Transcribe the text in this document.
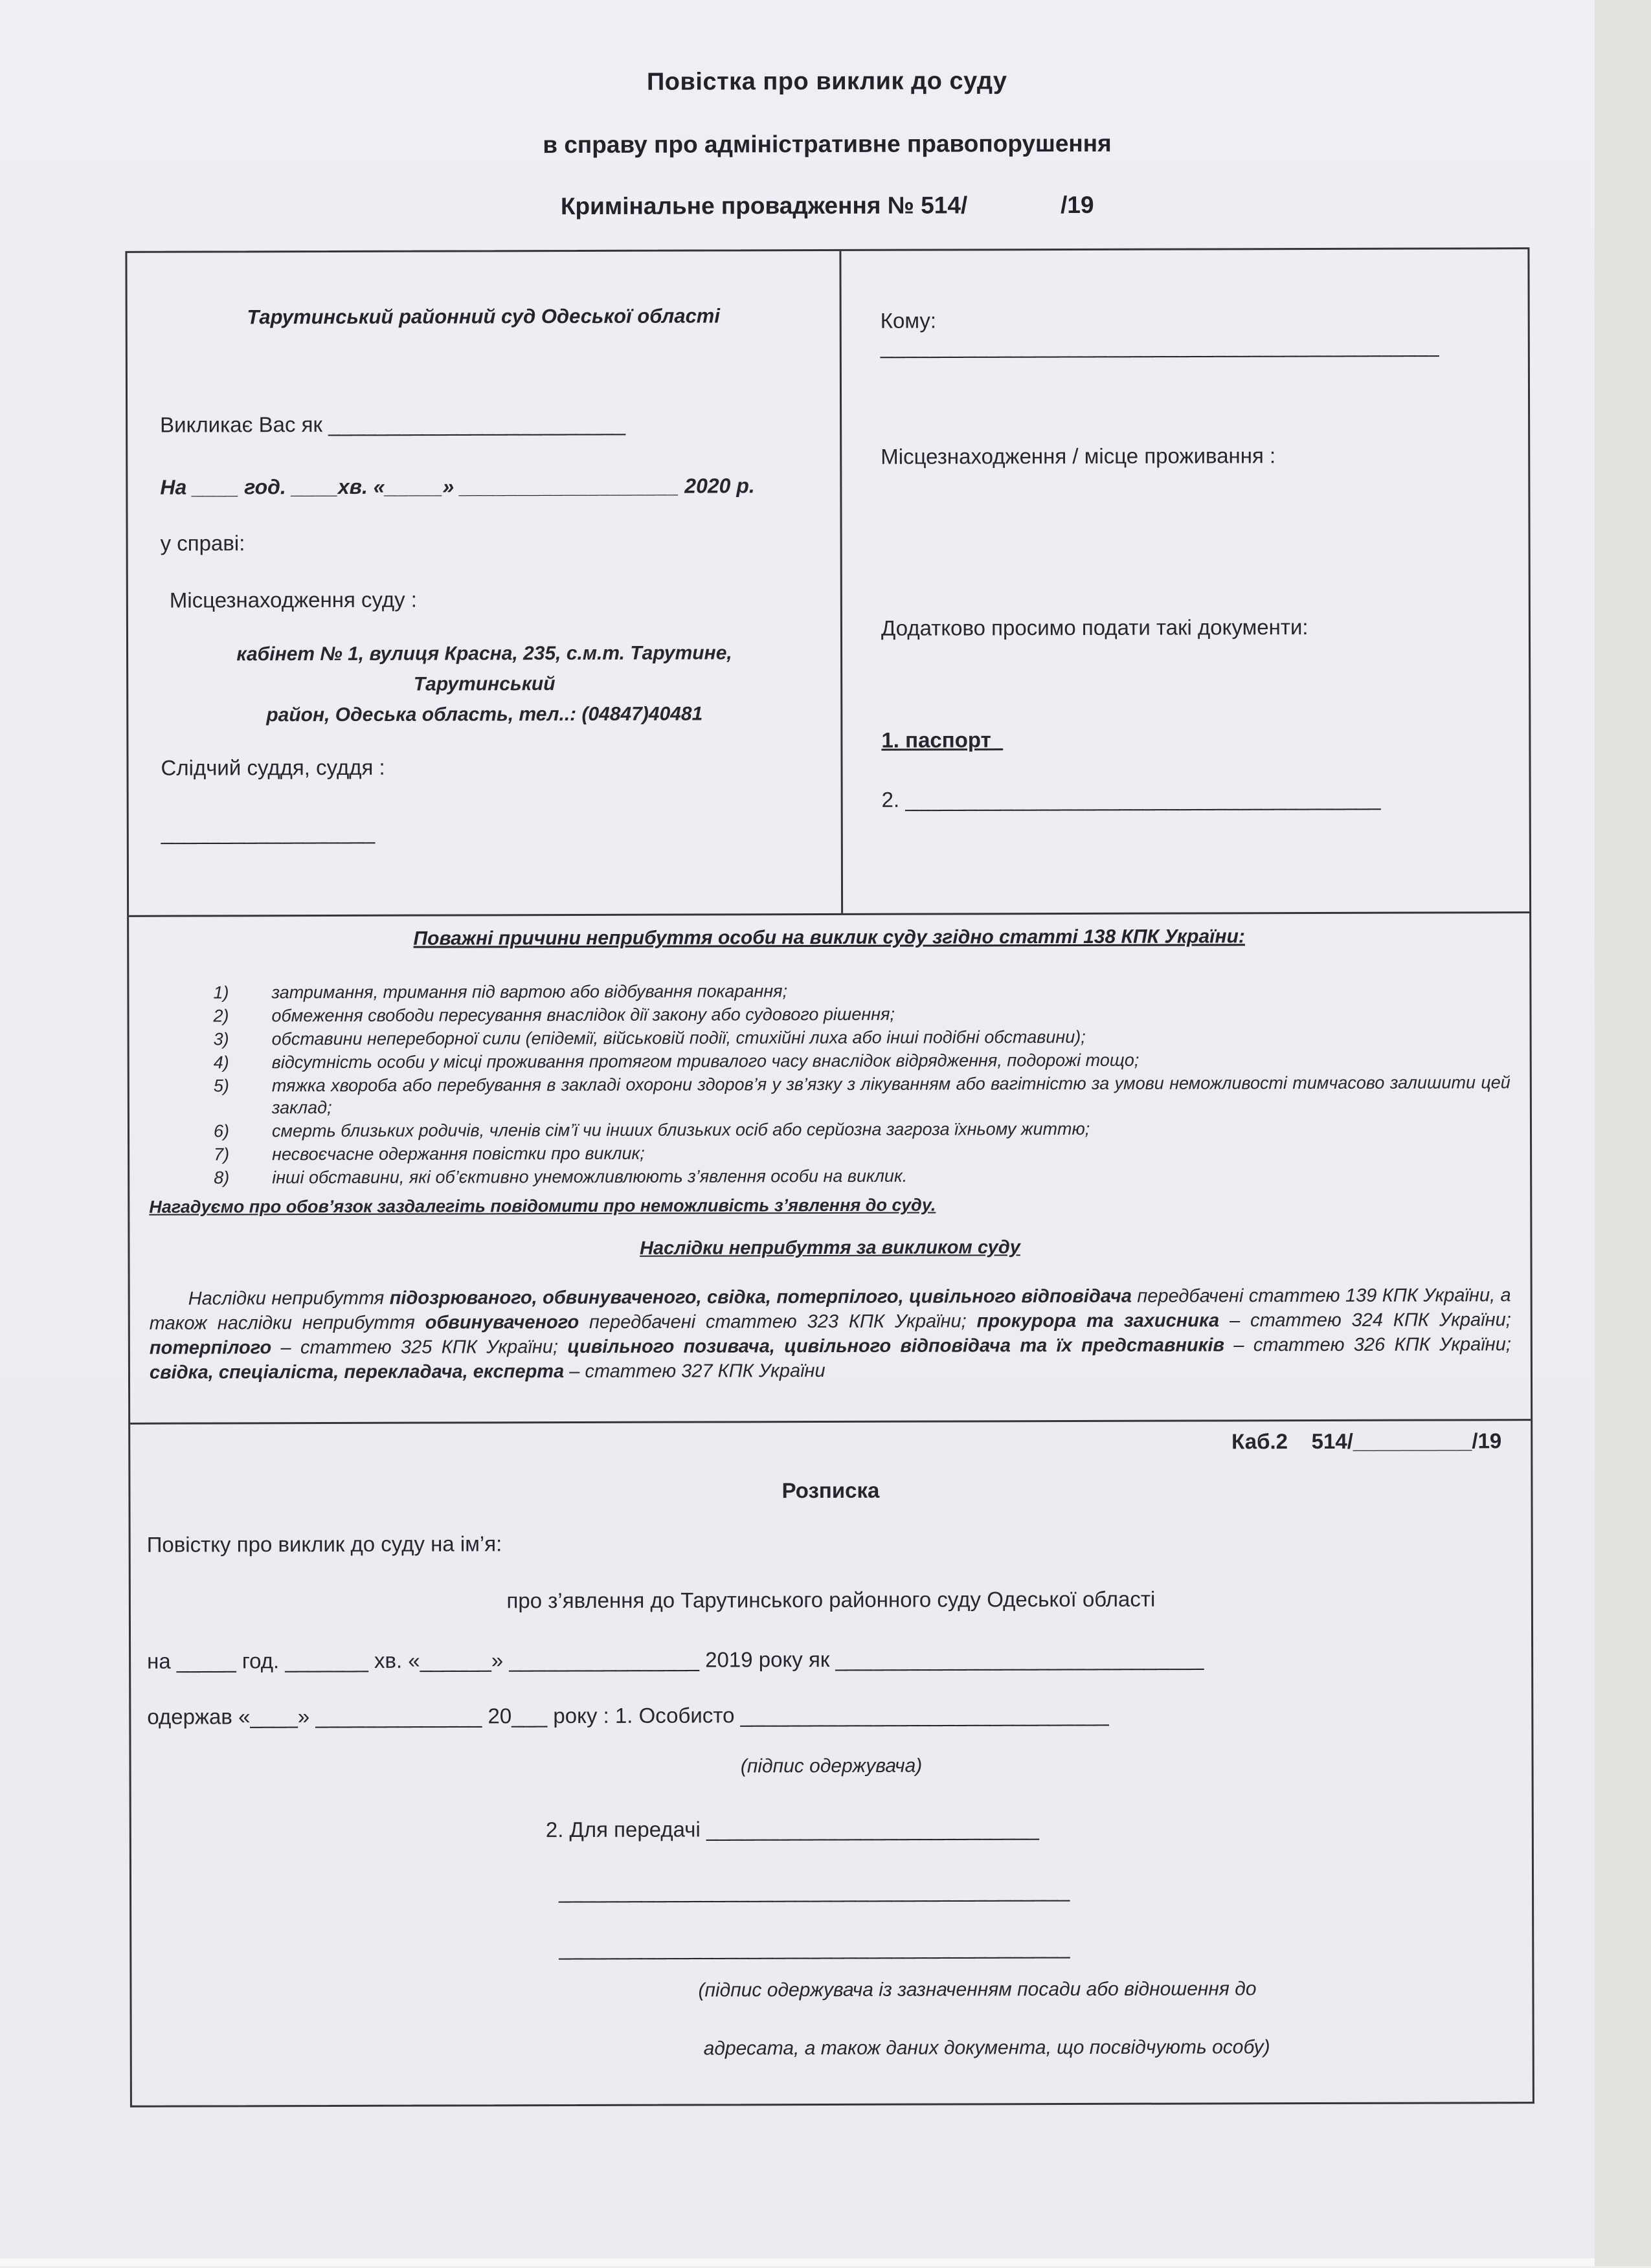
Повістка про виклик до суду
в справу про адміністративне правопорушення
Кримінальне провадження № 514/              /19
Тарутинський районний суд Одеської області
Викликає Вас як _________________________
На ____ год. ____хв. «_____» ___________________ 2020 р.
у справі:
Місцезнаходження суду :
кабінет № 1, вулиця Красна, 235, с.м.т. Тарутине, Тарутинський
район, Одеська область, тел..: (04847)40481
Слідчий суддя, суддя :
__________________
Кому: _______________________________________________
Місцезнаходження / місце проживання :
Додатково просимо подати такі документи:
1. паспорт_
2. ________________________________________
Поважні причини неприбуття особи на виклик суду згідно статті 138 КПК України:
1)	затримання, тримання під вартою або відбування покарання;
2)	обмеження свободи пересування внаслідок дії закону або судового рішення;
3)	обставини непереборної сили (епідемії, військовій події, стихійні лиха або інші подібні обставини);
4)	відсутність особи у місці проживання протягом тривалого часу внаслідок відрядження, подорожі тощо;
5)	тяжка хвороба або перебування в закладі охорони здоров’я у зв’язку з лікуванням або вагітністю за умови неможливості тимчасово залишити цей заклад;
6)	смерть близьких родичів, членів сім’ї чи інших близьких осіб або серйозна загроза їхньому життю;
7)	несвоєчасне одержання повістки про виклик;
8)	інші обставини, які об’єктивно унеможливлюють з’явлення особи на виклик.
Нагадуємо про обов’язок заздалегіть повідомити про неможливість з’явлення до суду.
Наслідки неприбуття за викликом суду
Наслідки неприбуття підозрюваного, обвинуваченого, свідка, потерпілого, цивільного відповідача передбачені статтею 139 КПК України, а також наслідки неприбуття обвинуваченого передбачені статтею 323 КПК України; прокурора та захисника – статтею 324 КПК України; потерпілого – статтею 325 КПК України; цивільного позивача, цивільного відповідача та їх представників – статтею 326 КПК України; свідка, спеціаліста, перекладача, експерта – статтею 327 КПК України
Каб.2    514/__________/19
Розписка
Повістку про виклик до суду на ім’я:
про з’явлення до Тарутинського районного суду Одеської області
на _____ год. _______ хв. «______» ________________ 2019 року як _______________________________
одержав «____» ______________ 20___ року : 1. Особисто _______________________________
(підпис одержувача)
2. Для передачі ____________________________
___________________________________________
___________________________________________
(підпис одержувача із зазначенням посади або відношення до
адресата, а також даних документа, що посвідчують особу)
